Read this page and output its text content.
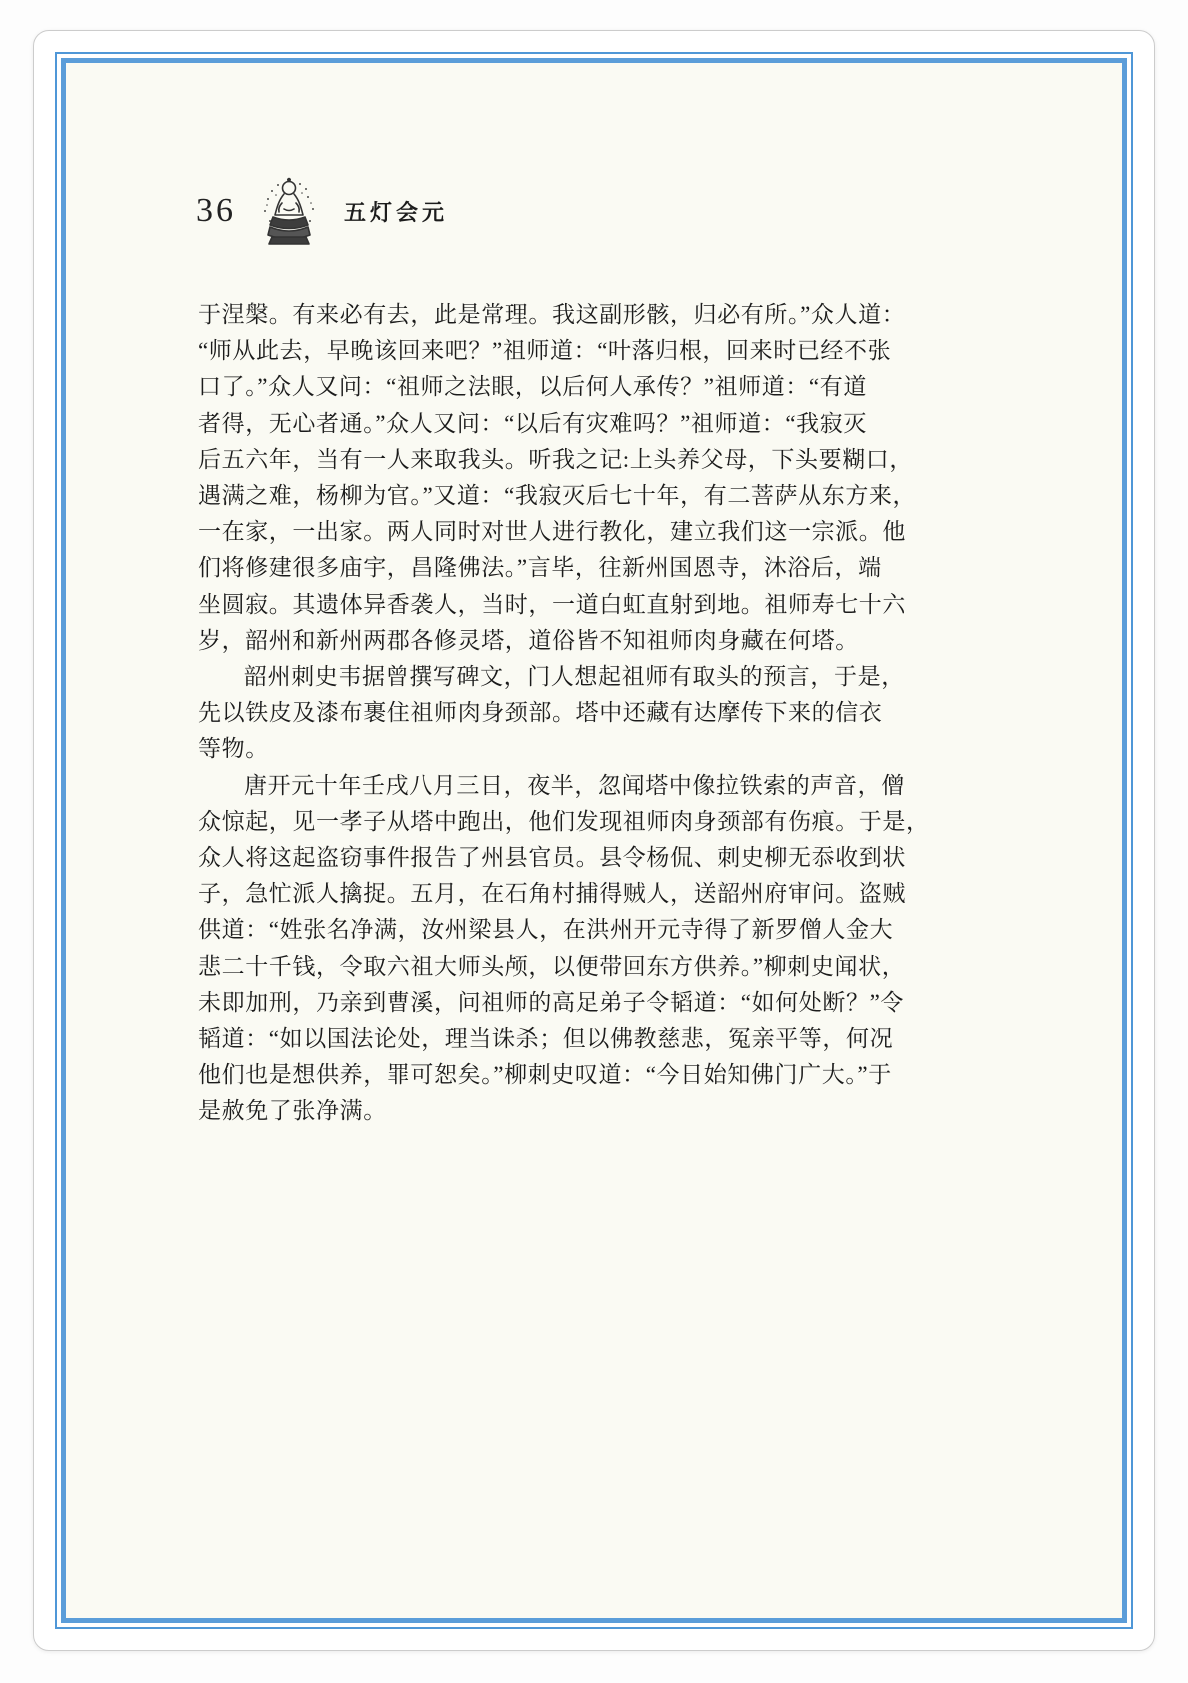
36	五灯会元
于涅槃。有来必有去，此是常理。我这副形骸，归必有所。”众人道：
“师从此去，早晚该回来吧？”祖师道：“叶落归根，回来时已经不张
口了。”众人又问：“祖师之法眼，以后何人承传？”祖师道：“有道
者得，无心者通。”众人又问：“以后有灾难吗？”祖师道：“我寂灭
后五六年，当有一人来取我头。听我之记:上头养父母，下头要糊口，
遇满之难，杨柳为官。”又道：“我寂灭后七十年，有二菩萨从东方来，
一在家，一出家。两人同时对世人进行教化，建立我们这一宗派。他
们将修建很多庙宇，昌隆佛法。”言毕，往新州国恩寺，沐浴后，端
坐圆寂。其遗体异香袭人，当时，一道白虹直射到地。祖师寿七十六
岁，韶州和新州两郡各修灵塔，道俗皆不知祖师肉身藏在何塔。
韶州刺史韦据曾撰写碑文，门人想起祖师有取头的预言，于是，
先以铁皮及漆布裹住祖师肉身颈部。塔中还藏有达摩传下来的信衣
等物。
唐开元十年壬戌八月三日，夜半，忽闻塔中像拉铁索的声音，僧
众惊起，见一孝子从塔中跑出，他们发现祖师肉身颈部有伤痕。于是，
众人将这起盗窃事件报告了州县官员。县令杨侃、刺史柳无忝收到状
子，急忙派人擒捉。五月，在石角村捕得贼人，送韶州府审问。盗贼
供道：“姓张名净满，汝州梁县人，在洪州开元寺得了新罗僧人金大
悲二十千钱，令取六祖大师头颅，以便带回东方供养。”柳刺史闻状，
未即加刑，乃亲到曹溪，问祖师的高足弟子令韬道：“如何处断？”令
韬道：“如以国法论处，理当诛杀；但以佛教慈悲，冤亲平等，何况
他们也是想供养，罪可恕矣。”柳刺史叹道：“今日始知佛门广大。”于
是赦免了张净满。
